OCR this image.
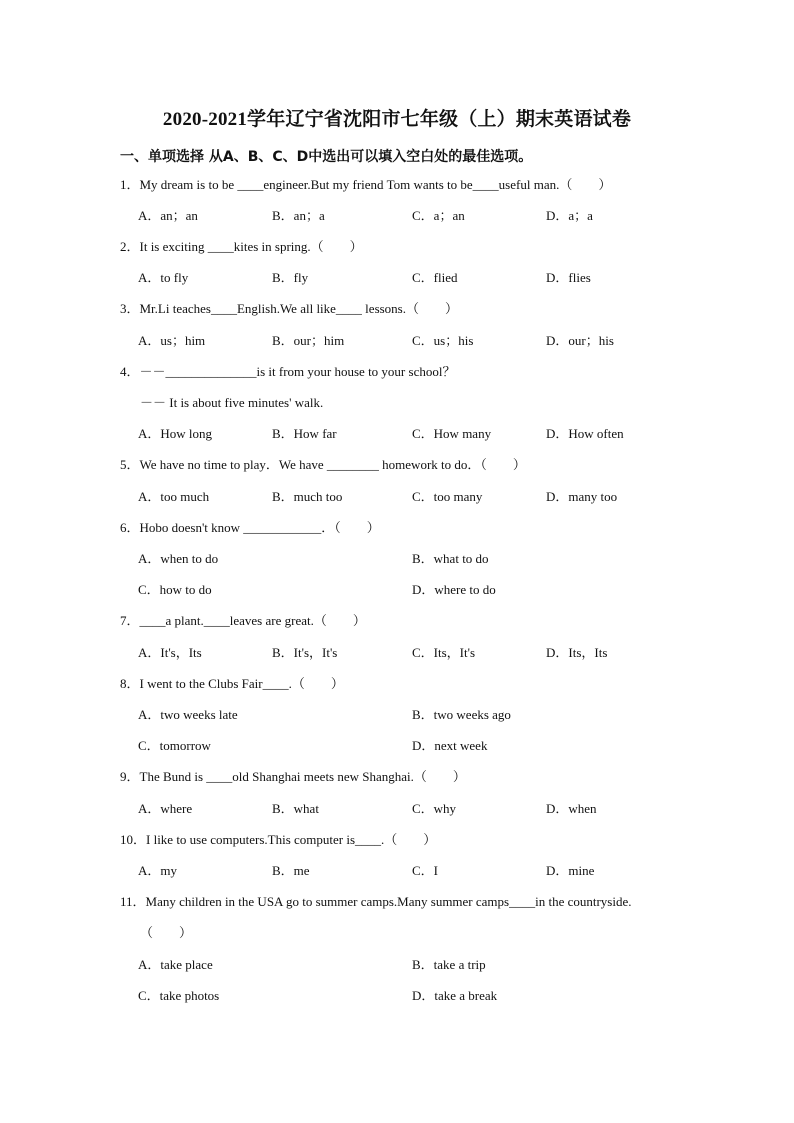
2020-2021学年辽宁省沈阳市七年级（上）期末英语试卷
一、单项选择 从A、B、C、D中选出可以填入空白处的最佳选项。
1．My dream is to be ____engineer.But my friend Tom wants to be____useful man.（　　）
A．an；an	B．an；a	C．a；an	D．a；a
2．It is exciting ____kites in spring.（　　）
A．to fly	B．fly	C．flied	D．flies
3．Mr.Li teaches____English.We all like____ lessons.（　　）
A．us；him	B．our；him	C．us；his	D．our；his
4．－－______________is it from your house to your school？
－－ It is about five minutes' walk.
A．How long	B．How far	C．How many	D．How often
5．We have no time to play．We have ________ homework to do．（　　）
A．too much	B．much too	C．too many	D．many too
6．Hobo doesn't know ____________．（　　）
A．when to do	B．what to do
C．how to do	D．where to do
7．____a plant.____leaves are great.（　　）
A．It's，Its	B．It's，It's	C．Its，It's	D．Its，Its
8．I went to the Clubs Fair____.（　　）
A．two weeks late	B．two weeks ago
C．tomorrow	D．next week
9．The Bund is ____old Shanghai meets new Shanghai.（　　）
A．where	B．what	C．why	D．when
10．I like to use computers.This computer is____.（　　）
A．my	B．me	C．I	D．mine
11．Many children in the USA go to summer camps.Many summer camps____in the countryside.
（　　）
A．take place	B．take a trip
C．take photos	D．take a break
